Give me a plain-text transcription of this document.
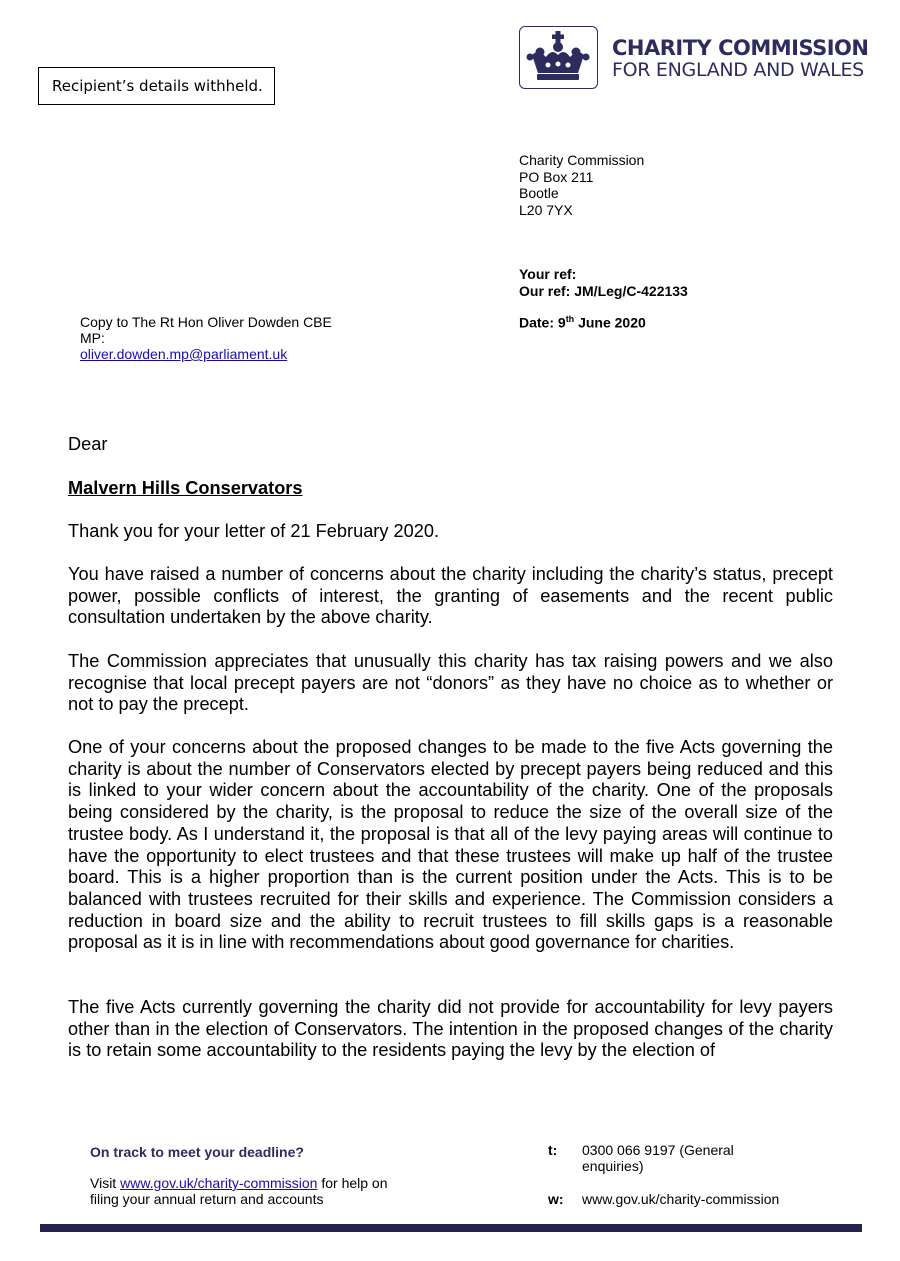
Recipient’s details withheld.
CHARITY COMMISSION
FOR ENGLAND AND WALES
Charity Commission
PO Box 211
Bootle
L20 7YX
Your ref:
Our ref: JM/Leg/C-422133
Date: 9th June 2020
Copy to The Rt Hon Oliver Dowden CBE MP:
oliver.dowden.mp@parliament.uk
Dear
Malvern Hills Conservators
Thank you for your letter of 21 February 2020.
You have raised a number of concerns about the charity including the charity’s status, precept power, possible conflicts of interest, the granting of easements and the recent public consultation undertaken by the above charity.
The Commission appreciates that unusually this charity has tax raising powers and we also recognise that local precept payers are not “donors” as they have no choice as to whether or not to pay the precept.
One of your concerns about the proposed changes to be made to the five Acts governing the charity is about the number of Conservators elected by precept payers being reduced and this is linked to your wider concern about the accountability of the charity. One of the proposals being considered by the charity, is the proposal to reduce the size of the overall size of the trustee body. As I understand it, the proposal is that all of the levy paying areas will continue to have the opportunity to elect trustees and that these trustees will make up half of the trustee board. This is a higher proportion than is the current position under the Acts. This is to be balanced with trustees recruited for their skills and experience. The Commission considers a reduction in board size and the ability to recruit trustees to fill skills gaps is a reasonable proposal as it is in line with recommendations about good governance for charities.
The five Acts currently governing the charity did not provide for accountability for levy payers other than in the election of Conservators. The intention in the proposed changes of the charity is to retain some accountability to the residents paying the levy by the election of
On track to meet your deadline?
Visit www.gov.uk/charity-commission for help on filing your annual return and accounts
t:	0300 066 9197 (General enquiries)
w:	www.gov.uk/charity-commission
